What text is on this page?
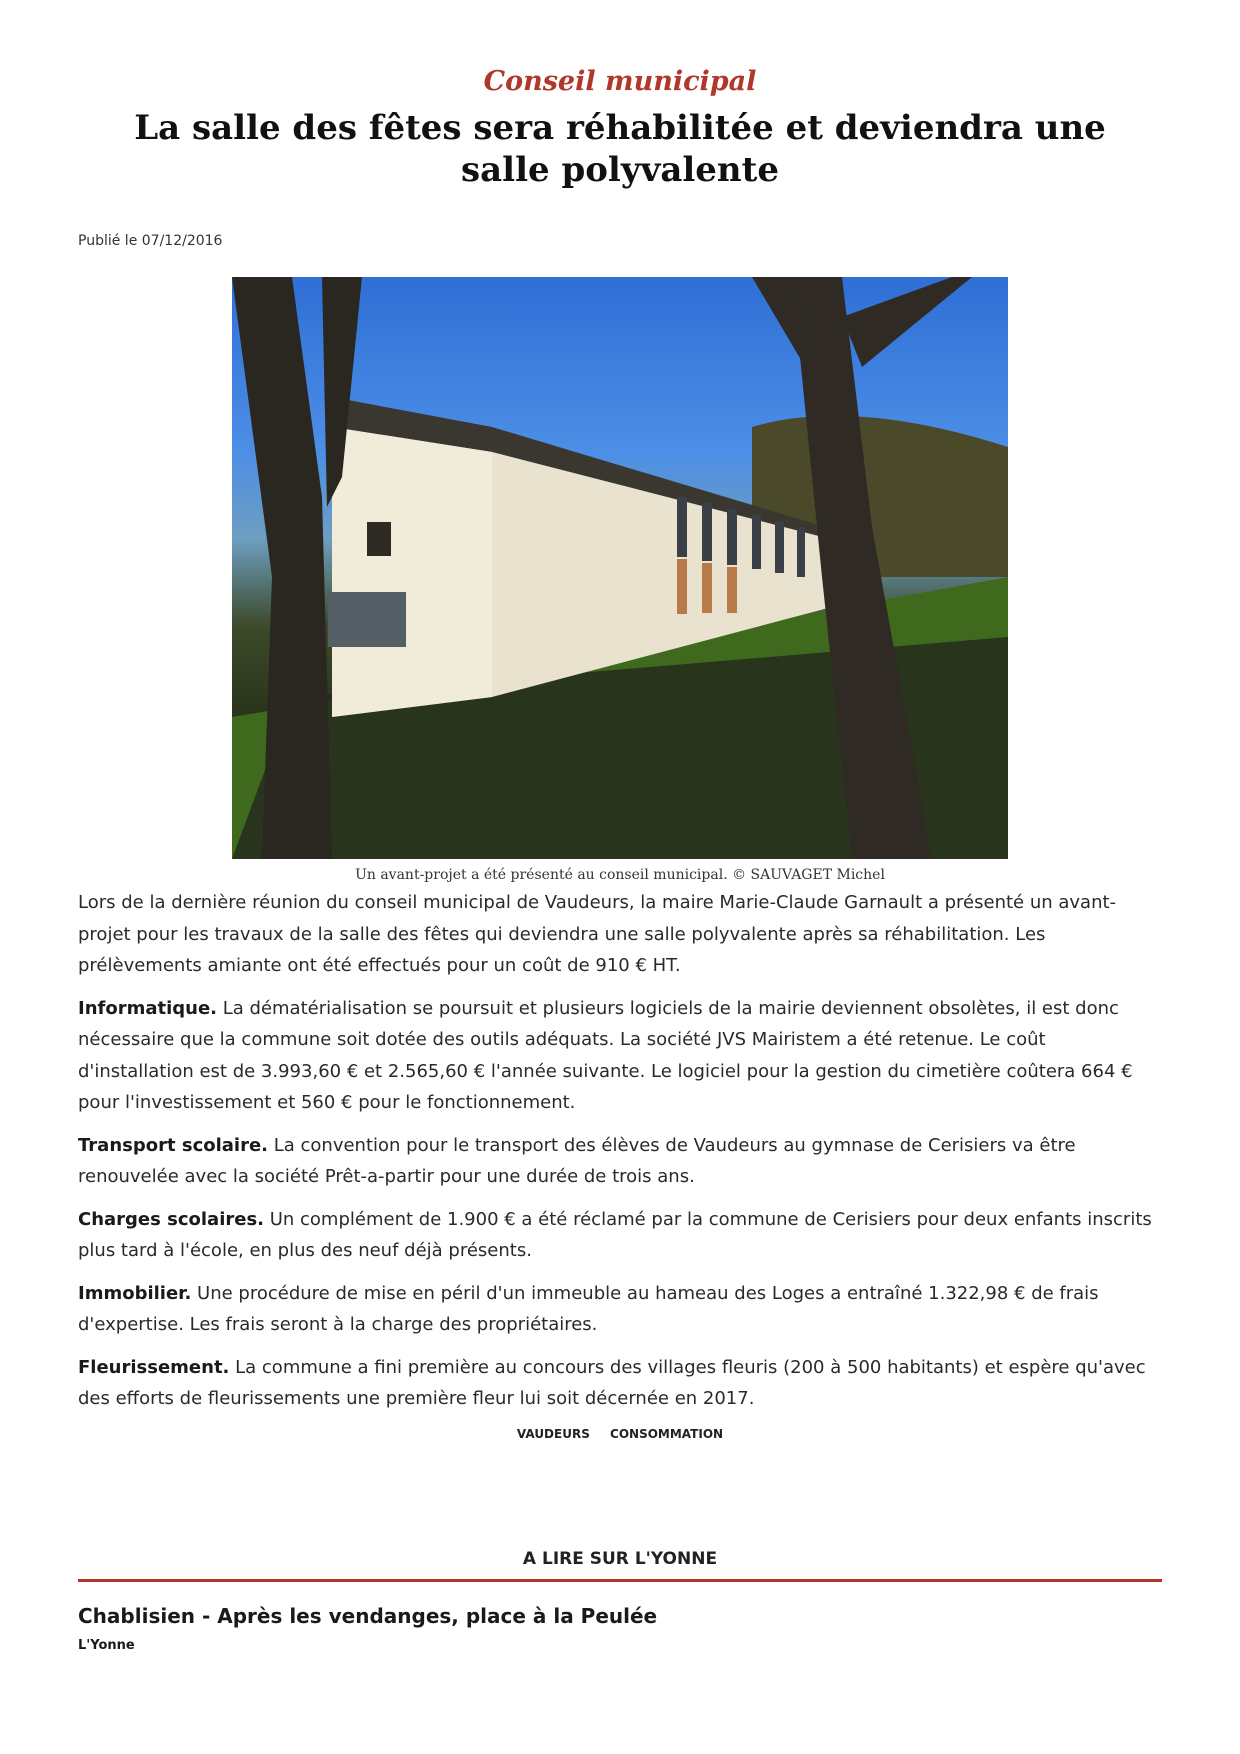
Conseil municipal
La salle des fêtes sera réhabilitée et deviendra une salle polyvalente
Publié le 07/12/2016
Un avant-projet a été présenté au conseil municipal. © SAUVAGET Michel

Lors de la dernière réunion du conseil municipal de Vaudeurs, la maire Marie-Claude Garnault a présenté un avant-projet pour les travaux de la salle des fêtes qui deviendra une salle polyvalente après sa réhabilitation. Les prélèvements amiante ont été effectués pour un coût de 910 € HT.

Informatique. La dématérialisation se poursuit et plusieurs logiciels de la mairie deviennent obsolètes, il est donc nécessaire que la commune soit dotée des outils adéquats. La société JVS Mairistem a été retenue. Le coût d'installation est de 3.993,60 € et 2.565,60 € l'année suivante. Le logiciel pour la gestion du cimetière coûtera 664 € pour l'investissement et 560 € pour le fonctionnement.

Transport scolaire. La convention pour le transport des élèves de Vaudeurs au gymnase de Cerisiers va être renouvelée avec la société Prêt-a-partir pour une durée de trois ans.

Charges scolaires. Un complément de 1.900 € a été réclamé par la commune de Cerisiers pour deux enfants inscrits plus tard à l'école, en plus des neuf déjà présents.

Immobilier. Une procédure de mise en péril d'un immeuble au hameau des Loges a entraîné 1.322,98 € de frais d'expertise. Les frais seront à la charge des propriétaires.

Fleurissement. La commune a fini première au concours des villages fleuris (200 à 500 habitants) et espère qu'avec des efforts de fleurissements une première fleur lui soit décernée en 2017.

VAUDEURS CONSOMMATION
A LIRE SUR L'YONNE
Chablisien - Après les vendanges, place à la Peulée
L'Yonne
